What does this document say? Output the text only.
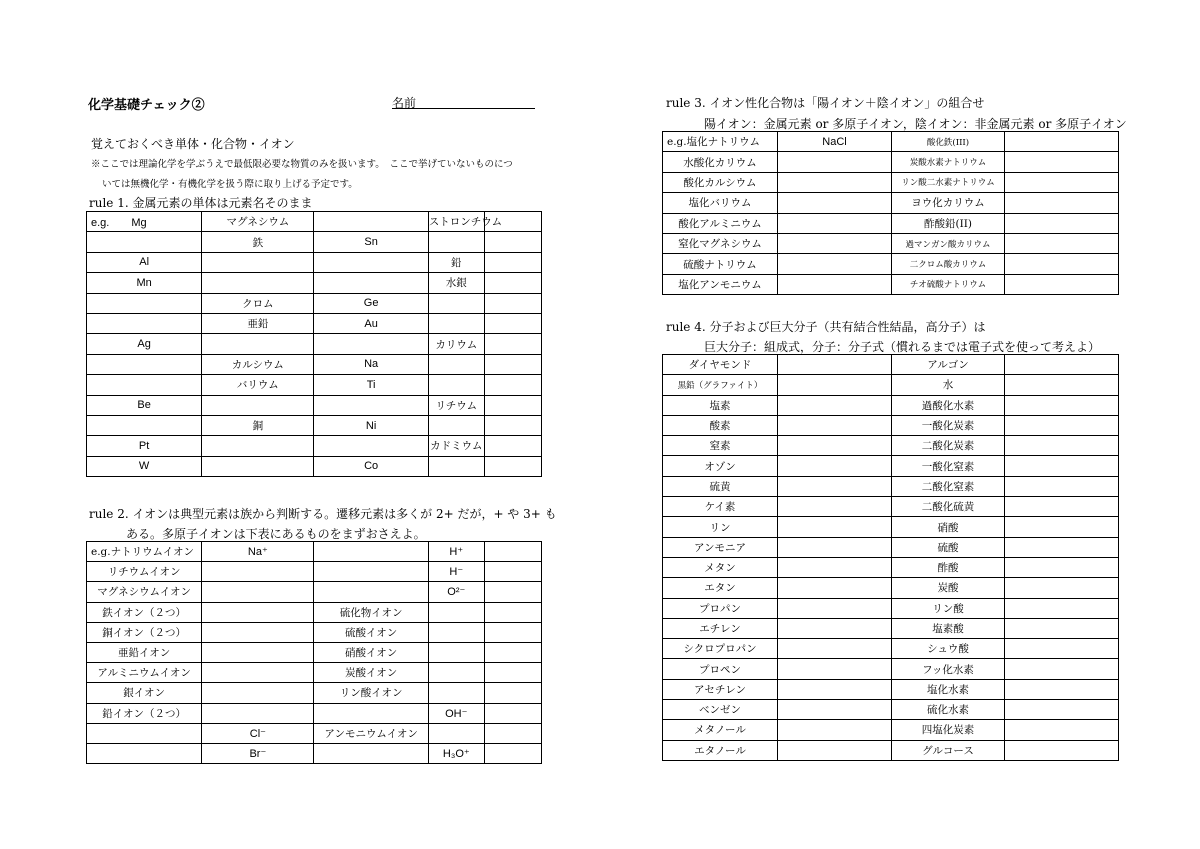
化学基礎チェック②	名前
覚えておくべき単体・化合物・イオン
※ここでは理論化学を学ぶうえで最低限必要な物質のみを扱います。　ここで挙げていないものにつ
いては無機化学・有機化学を扱う際に取り上げる予定です。
rule 1. 金属元素の単体は元素名そのまま
e.g.　　Mg	マグネシウム		ストロンチウム	
	鉄	Sn		
Al			鉛	
Mn			水銀	
	クロム	Ge		
	亜鉛	Au		
Ag			カリウム	
	カルシウム	Na		
	バリウム	Ti		
Be			リチウム	
	銅	Ni		
Pt			カドミウム	
W		Co		
rule 2. イオンは典型元素は族から判断する。遷移元素は多くが 2+ だが，+ や 3+ も
ある。多原子イオンは下表にあるものをまずおさえよ。
e.g.ナトリウムイオン	Na⁺		H⁺	
リチウムイオン			H⁻	
マグネシウムイオン			O²⁻	
鉄イオン（２つ）		硫化物イオン		
銅イオン（２つ）		硫酸イオン		
亜鉛イオン		硝酸イオン		
アルミニウムイオン		炭酸イオン		
銀イオン		リン酸イオン		
鉛イオン（２つ）			OH⁻	
	Cl⁻	アンモニウムイオン		
	Br⁻		H₃O⁺	
rule 3. イオン性化合物は「陽イオン＋陰イオン」の組合せ
陽イオン：金属元素 or 多原子イオン，陰イオン：非金属元素 or 多原子イオン
e.g.塩化ナトリウム	NaCl	酸化鉄(III)	
水酸化カリウム		炭酸水素ナトリウム	
酸化カルシウム		リン酸二水素ナトリウム	
塩化バリウム		ヨウ化カリウム	
酸化アルミニウム		酢酸鉛(II)	
窒化マグネシウム		過マンガン酸カリウム	
硫酸ナトリウム		二クロム酸カリウム	
塩化アンモニウム		チオ硫酸ナトリウム	
rule 4. 分子および巨大分子（共有結合性結晶，高分子）は
巨大分子：組成式，分子：分子式（慣れるまでは電子式を使って考えよ）
ダイヤモンド		アルゴン	
黒鉛（グラファイト）		水	
塩素		過酸化水素	
酸素		一酸化炭素	
窒素		二酸化炭素	
オゾン		一酸化窒素	
硫黄		二酸化窒素	
ケイ素		二酸化硫黄	
リン		硝酸	
アンモニア		硫酸	
メタン		酢酸	
エタン		炭酸	
プロパン		リン酸	
エチレン		塩素酸	
シクロプロパン		シュウ酸	
プロペン		フッ化水素	
アセチレン		塩化水素	
ベンゼン		硫化水素	
メタノール		四塩化炭素	
エタノール		グルコース	
